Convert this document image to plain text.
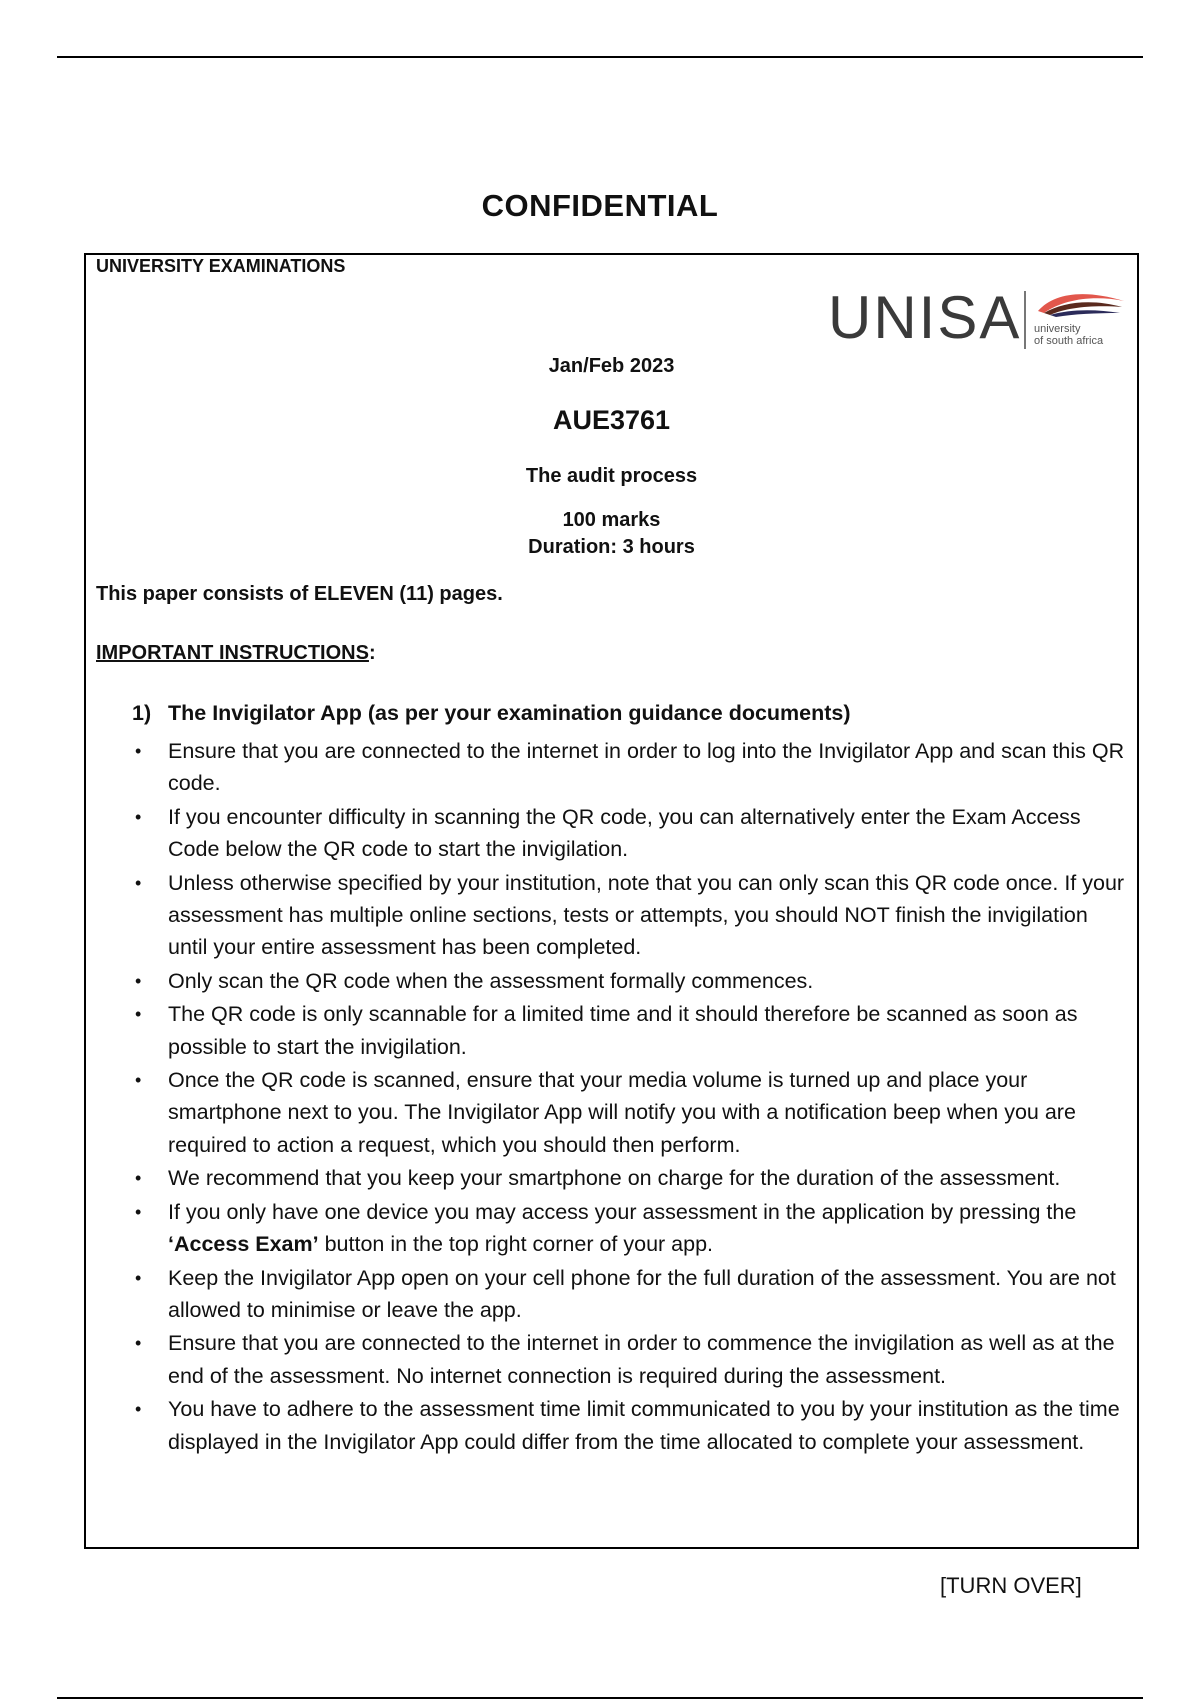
CONFIDENTIAL
UNIVERSITY EXAMINATIONS
UNISA university
of south africa
Jan/Feb 2023
AUE3761
The audit process
100 marks
Duration: 3 hours
This paper consists of ELEVEN (11) pages.
IMPORTANT INSTRUCTIONS:
1) The Invigilator App (as per your examination guidance documents)
• Ensure that you are connected to the internet in order to log into the Invigilator App and scan this QR code.
• If you encounter difficulty in scanning the QR code, you can alternatively enter the Exam Access Code below the QR code to start the invigilation.
• Unless otherwise specified by your institution, note that you can only scan this QR code once. If your assessment has multiple online sections, tests or attempts, you should NOT finish the invigilation until your entire assessment has been completed.
• Only scan the QR code when the assessment formally commences.
• The QR code is only scannable for a limited time and it should therefore be scanned as soon as possible to start the invigilation.
• Once the QR code is scanned, ensure that your media volume is turned up and place your smartphone next to you. The Invigilator App will notify you with a notification beep when you are required to action a request, which you should then perform.
• We recommend that you keep your smartphone on charge for the duration of the assessment.
• If you only have one device you may access your assessment in the application by pressing the ‘Access Exam’ button in the top right corner of your app.
• Keep the Invigilator App open on your cell phone for the full duration of the assessment. You are not allowed to minimise or leave the app.
• Ensure that you are connected to the internet in order to commence the invigilation as well as at the end of the assessment. No internet connection is required during the assessment.
• You have to adhere to the assessment time limit communicated to you by your institution as the time displayed in the Invigilator App could differ from the time allocated to complete your assessment.
[TURN OVER]
